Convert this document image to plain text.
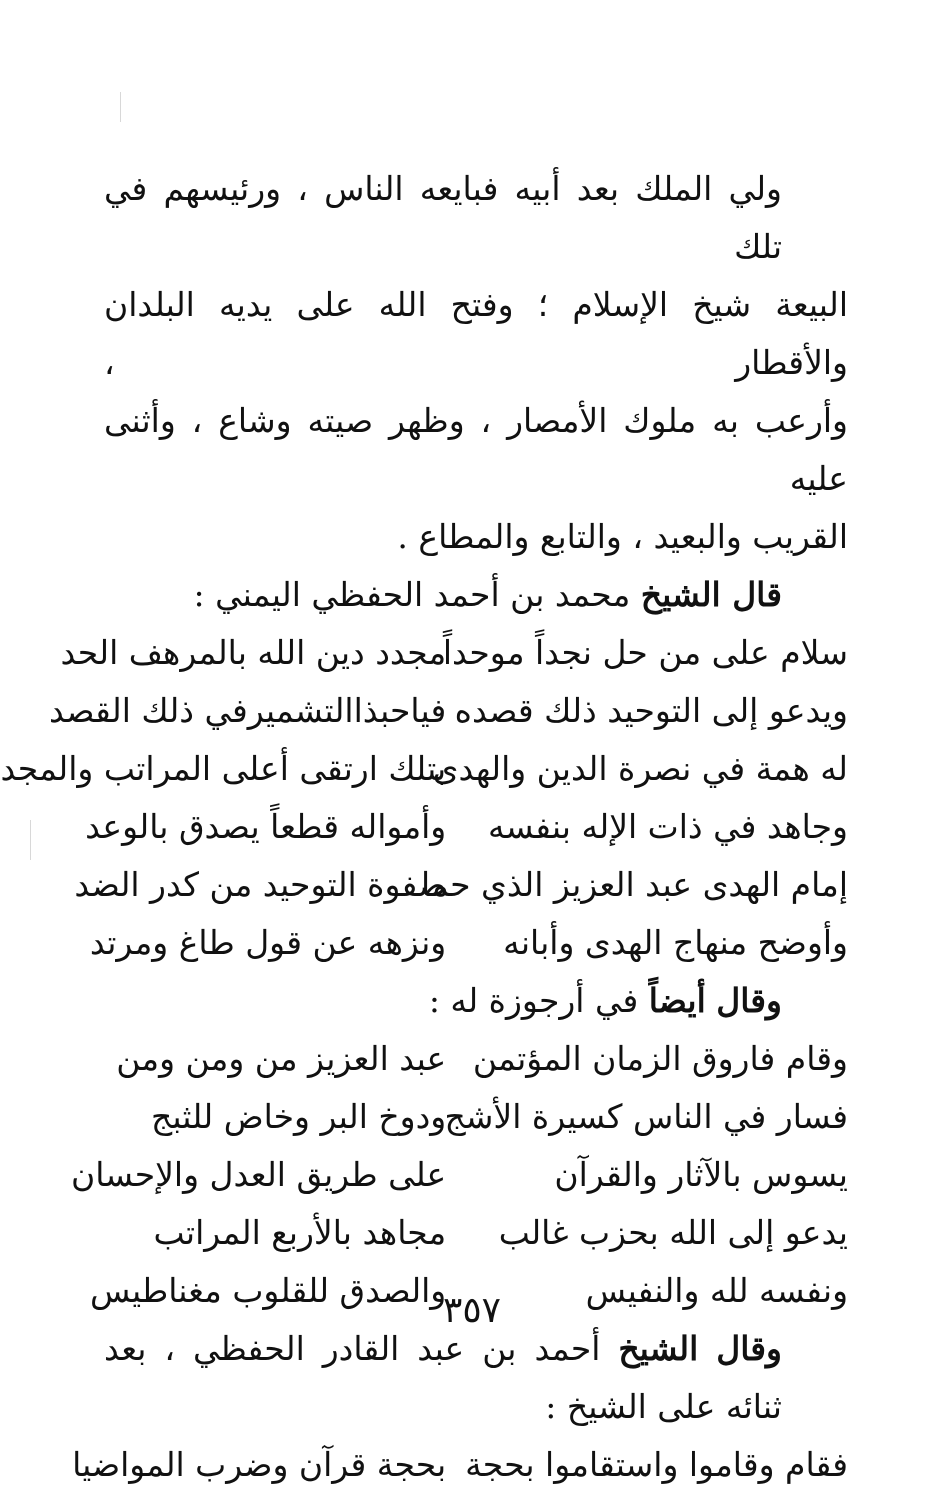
ولي الملك بعد أبيه فبايعه الناس ، ورئيسهم في تلك
البيعة شيخ الإسلام ؛ وفتح الله على يديه البلدان والأقطار ،
وأرعب به ملوك الأمصار ، وظهر صيته وشاع ، وأثنى عليه
القريب والبعيد ، والتابع والمطاع .

قال الشيخ محمد بن أحمد الحفظي اليمني :

سلام على من حل نجداً موحداً
مجدد دين الله بالمرهف الحد
ويدعو إلى التوحيد ذلك قصده
فياحبذاالتشميرفي ذلك القصد
له همة في نصرة الدين والهدى
بتلك ارتقى أعلى المراتب والمجد
وجاهد في ذات الإله بنفسه
وأمواله قطعاً يصدق بالوعد
إمام الهدى عبد العزيز الذي حما
صفوة التوحيد من كدر الضد
وأوضح منهاج الهدى وأبانه
ونزهه عن قول طاغ ومرتد

وقال أيضاً في أرجوزة له :

وقام فاروق الزمان المؤتمن
عبد العزيز من ومن ومن
فسار في الناس كسيرة الأشج
ودوخ البر وخاض للثبج
يسوس بالآثار والقرآن
على طريق العدل والإحسان
يدعو إلى الله بحزب غالب
مجاهد بالأربع المراتب
ونفسه لله والنفيس
والصدق للقلوب مغناطيس

وقال الشيخ أحمد بن عبد القادر الحفظي ، بعد ثنائه على الشيخ :

فقام وقاموا واستقاموا بحجة
بحجة قرآن وضرب المواضيا
٣٥٧
